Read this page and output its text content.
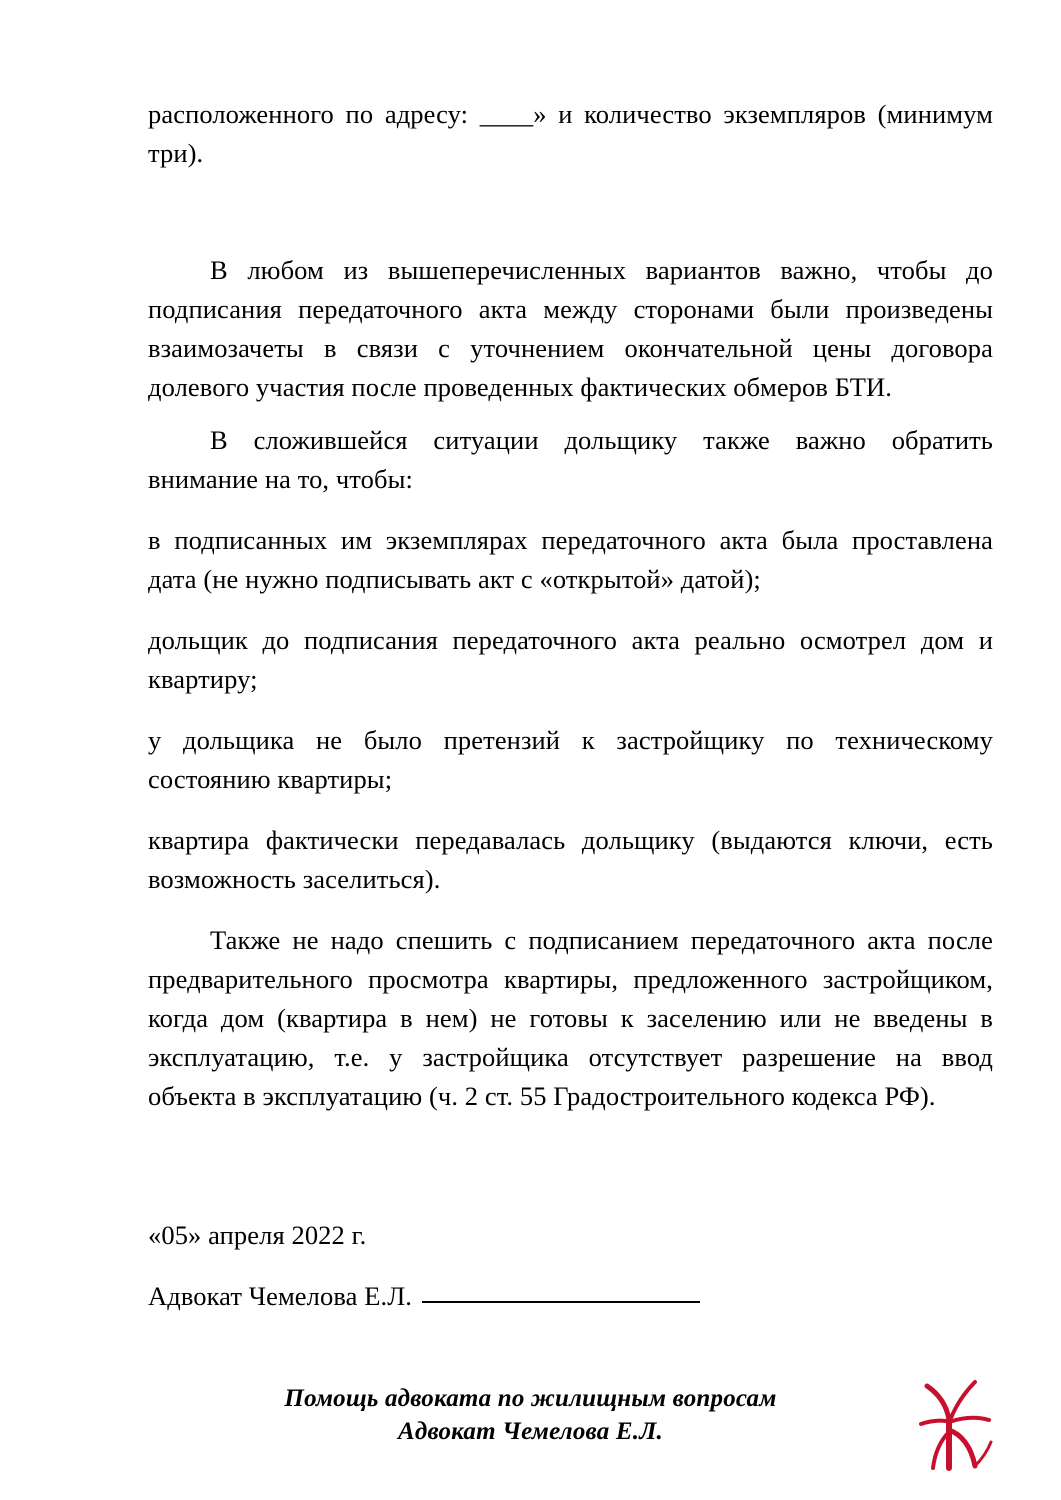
расположенного по адресу: ____» и количество экземпляров (минимум три).

В любом из вышеперечисленных вариантов важно, чтобы до подписания передаточного акта между сторонами были произведены взаимозачеты в связи с уточнением окончательной цены договора долевого участия после проведенных фактических обмеров БТИ.

В сложившейся ситуации дольщику также важно обратить внимание на то, чтобы:

в подписанных им экземплярах передаточного акта была проставлена дата (не нужно подписывать акт с «открытой» датой);

дольщик до подписания передаточного акта реально осмотрел дом и квартиру;

у дольщика не было претензий к застройщику по техническому состоянию квартиры;

квартира фактически передавалась дольщику (выдаются ключи, есть возможность заселиться).

Также не надо спешить с подписанием передаточного акта после предварительного просмотра квартиры, предложенного застройщиком, когда дом (квартира в нем) не готовы к заселению или не введены в эксплуатацию, т.е. у застройщика отсутствует разрешение на ввод объекта в эксплуатацию (ч. 2 ст. 55 Градостроительного кодекса РФ).

«05» апреля 2022 г.

Адвокат Чемелова Е.Л.

Помощь адвоката по жилищным вопросам
Адвокат Чемелова Е.Л.
